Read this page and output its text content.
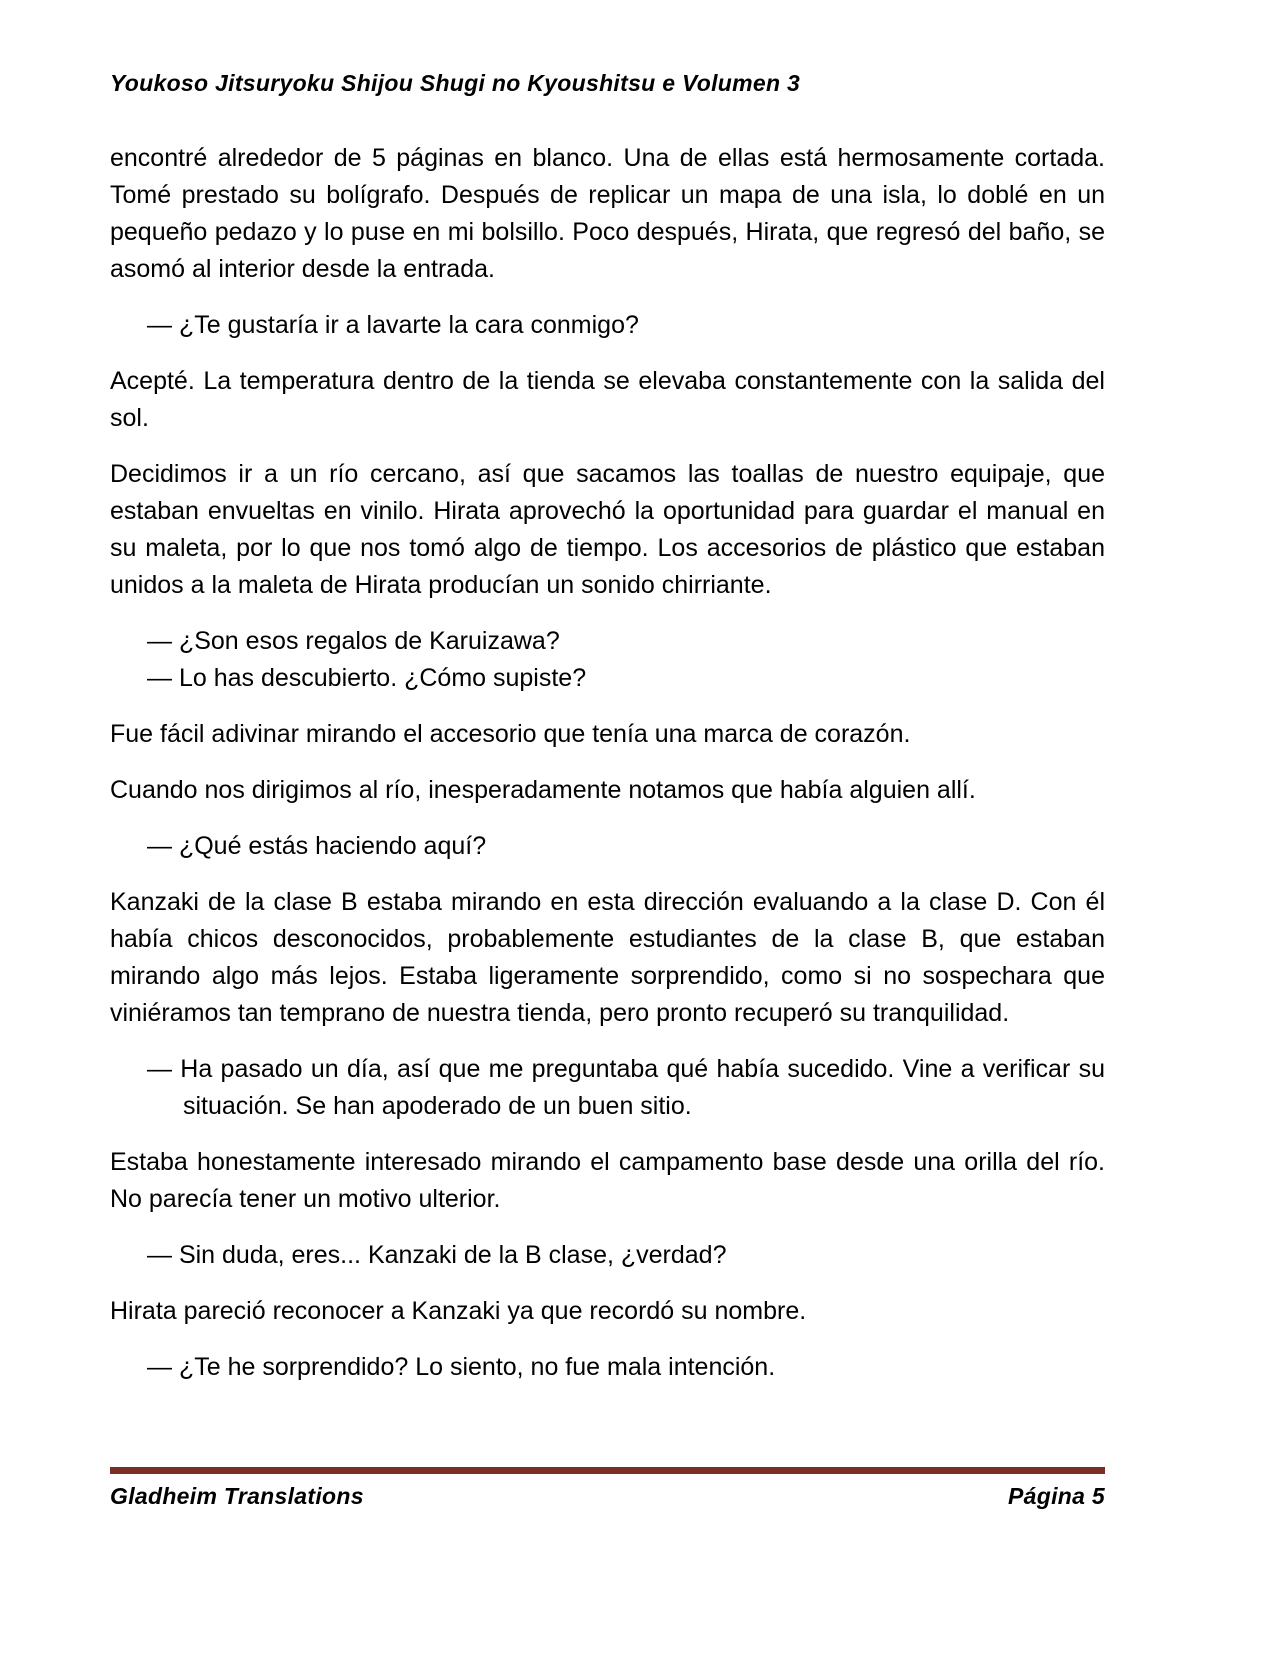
Youkoso Jitsuryoku Shijou Shugi no Kyoushitsu e Volumen 3

encontré alrededor de 5 páginas en blanco. Una de ellas está hermosamente cortada. Tomé prestado su bolígrafo. Después de replicar un mapa de una isla, lo doblé en un pequeño pedazo y lo puse en mi bolsillo. Poco después, Hirata, que regresó del baño, se asomó al interior desde la entrada.

— ¿Te gustaría ir a lavarte la cara conmigo?

Acepté. La temperatura dentro de la tienda se elevaba constantemente con la salida del sol.

Decidimos ir a un río cercano, así que sacamos las toallas de nuestro equipaje, que estaban envueltas en vinilo. Hirata aprovechó la oportunidad para guardar el manual en su maleta, por lo que nos tomó algo de tiempo. Los accesorios de plástico que estaban unidos a la maleta de Hirata producían un sonido chirriante.

— ¿Son esos regalos de Karuizawa?

— Lo has descubierto. ¿Cómo supiste?

Fue fácil adivinar mirando el accesorio que tenía una marca de corazón.

Cuando nos dirigimos al río, inesperadamente notamos que había alguien allí.

— ¿Qué estás haciendo aquí?

Kanzaki de la clase B estaba mirando en esta dirección evaluando a la clase D. Con él había chicos desconocidos, probablemente estudiantes de la clase B, que estaban mirando algo más lejos. Estaba ligeramente sorprendido, como si no sospechara que viniéramos tan temprano de nuestra tienda, pero pronto recuperó su tranquilidad.

— Ha pasado un día, así que me preguntaba qué había sucedido. Vine a verificar su situación. Se han apoderado de un buen sitio.

Estaba honestamente interesado mirando el campamento base desde una orilla del río. No parecía tener un motivo ulterior.

— Sin duda, eres... Kanzaki de la B clase, ¿verdad?

Hirata pareció reconocer a Kanzaki ya que recordó su nombre.

— ¿Te he sorprendido? Lo siento, no fue mala intención.

Gladheim Translations	Página 5
